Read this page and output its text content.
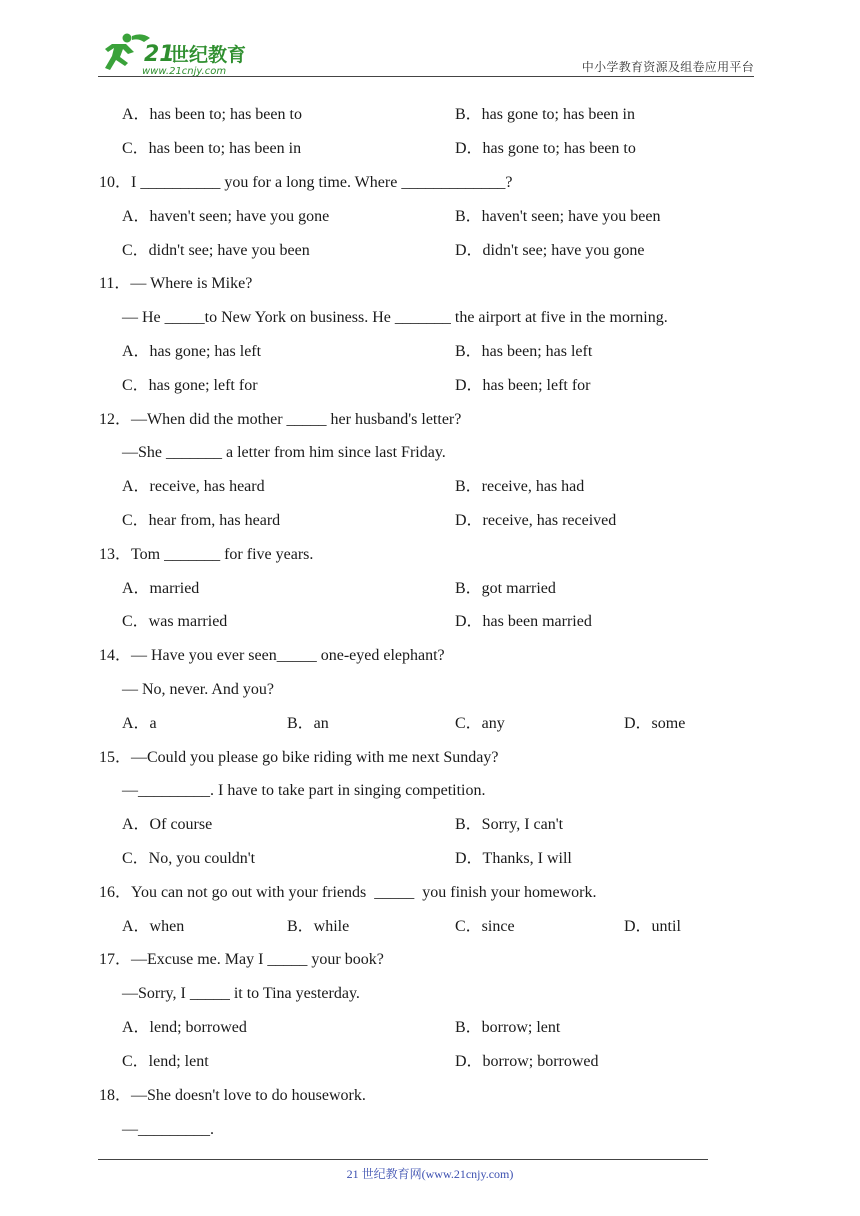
21
世纪教育
www.21cnjy.com	中小学教育资源及组卷应用平台
A．has been to; has been to	B．has gone to; has been in
C．has been to; has been in	D．has gone to; has been to
10．I __________ you for a long time. Where _____________?
A．haven't seen; have you gone	B．haven't seen; have you been
C．didn't see; have you been	D．didn't see; have you gone
11．— Where is Mike?
— He _____to New York on business. He _______ the airport at five in the morning.
A．has gone; has left	B．has been; has left
C．has gone; left for	D．has been; left for
12．—When did the mother _____ her husband's letter?
—She _______ a letter from him since last Friday.
A．receive, has heard	B．receive, has had
C．hear from, has heard	D．receive, has received
13．Tom _______ for five years.
A．married	B．got married
C．was married	D．has been married
14．— Have you ever seen_____ one-eyed elephant?
— No, never. And you?
A．a	B．an	C．any	D．some
15．—Could you please go bike riding with me next Sunday?
—_________. I have to take part in singing competition.
A．Of course	B．Sorry, I can't
C．No, you couldn't	D．Thanks, I will
16．You can not go out with your friends  _____  you finish your homework.
A．when	B．while	C．since	D．until
17．—Excuse me. May I _____ your book?
—Sorry, I _____ it to Tina yesterday.
A．lend; borrowed	B．borrow; lent
C．lend; lent	D．borrow; borrowed
18．—She doesn't love to do housework.
—_________.
21 世纪教育网(www.21cnjy.com)
